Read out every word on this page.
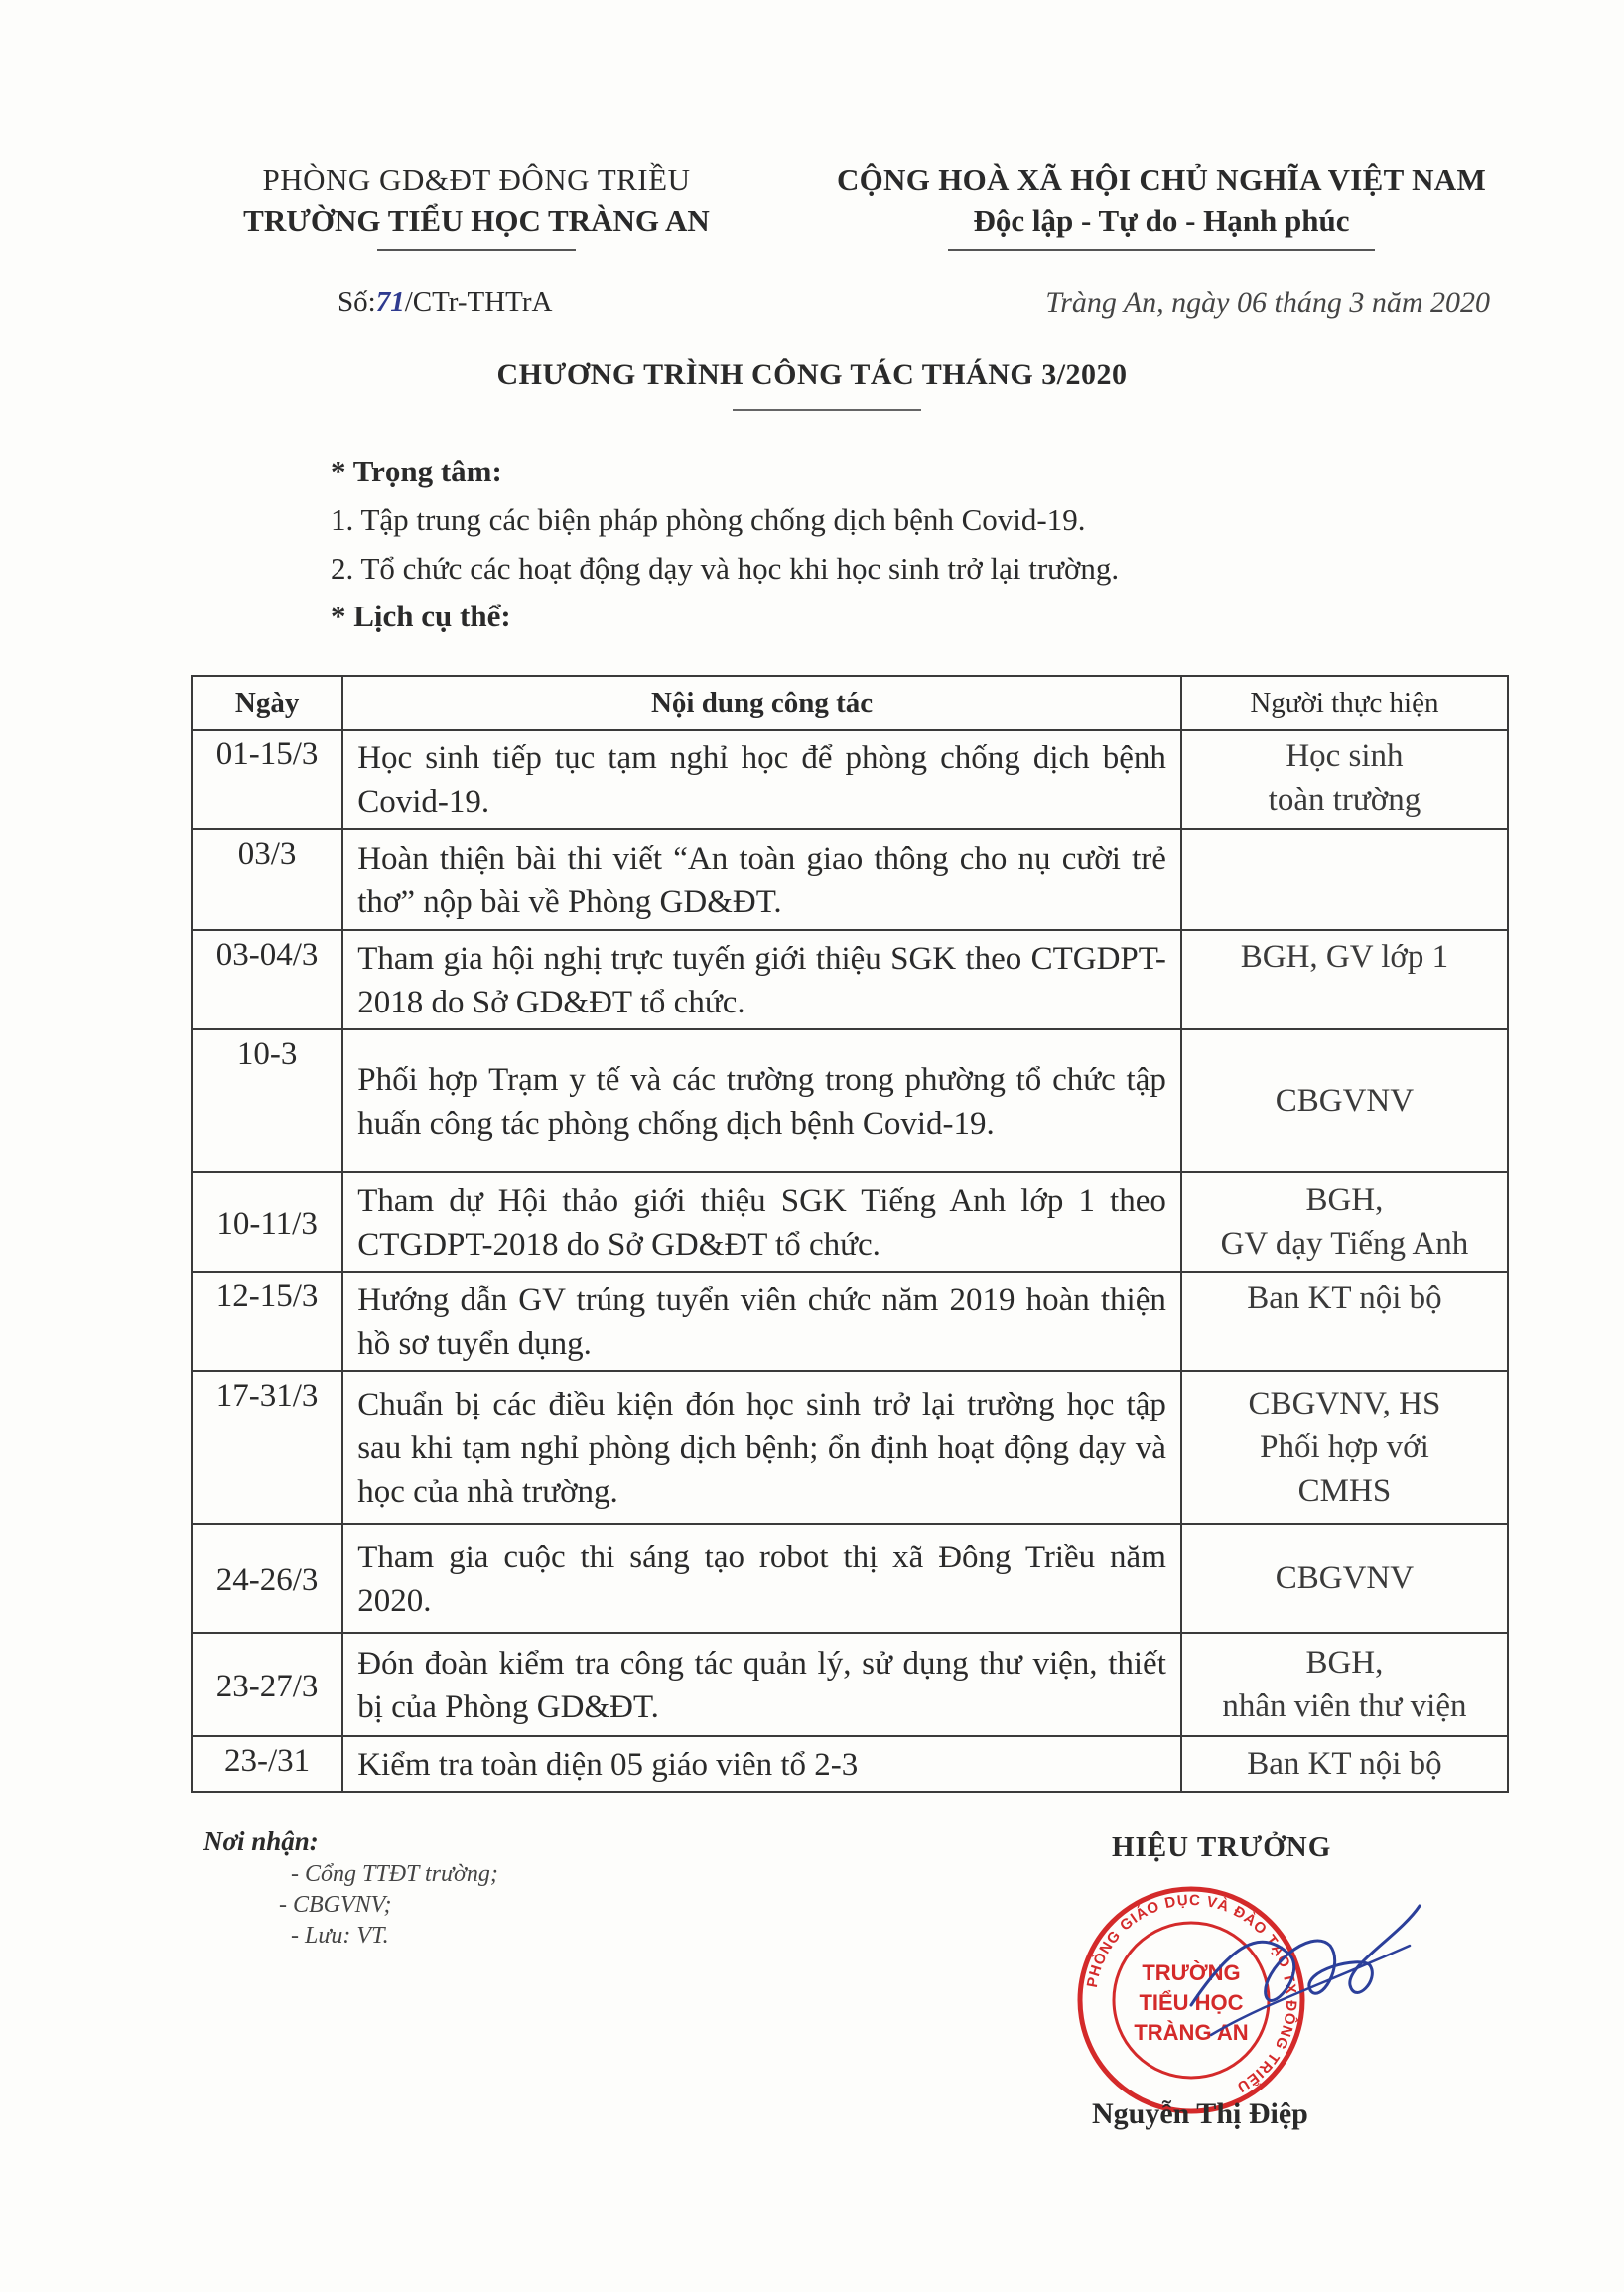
PHÒNG GD&ĐT ĐÔNG TRIỀU
TRƯỜNG TIỂU HỌC TRÀNG AN
CỘNG HOÀ XÃ HỘI CHỦ NGHĨA VIỆT NAM
Độc lập - Tự do - Hạnh phúc
Số:71/CTr-THTrA	Tràng An, ngày 06 tháng 3 năm 2020
CHƯƠNG TRÌNH CÔNG TÁC THÁNG 3/2020
* Trọng tâm:
1. Tập trung các biện pháp phòng chống dịch bệnh Covid-19.
2. Tổ chức các hoạt động dạy và học khi học sinh trở lại trường.
* Lịch cụ thể:
Ngày	Nội dung công tác	Người thực hiện
01-15/3	Học sinh tiếp tục tạm nghỉ học để phòng chống dịch bệnh Covid-19.	Học sinh
toàn trường

03/3	Hoàn thiện bài thi viết “An toàn giao thông cho nụ cười trẻ thơ” nộp bài về Phòng GD&ĐT.	
03-04/3	Tham gia hội nghị trực tuyến giới thiệu SGK theo CTGDPT-2018 do Sở GD&ĐT tổ chức.	BGH, GV lớp 1

10-3	Phối hợp Trạm y tế và các trường trong phường tổ chức tập huấn công tác phòng chống dịch bệnh Covid-19.	CBGVNV

10-11/3	Tham dự Hội thảo giới thiệu SGK Tiếng Anh lớp 1 theo CTGDPT-2018 do Sở GD&ĐT tổ chức.	BGH,
GV dạy Tiếng Anh

12-15/3	Hướng dẫn GV trúng tuyển viên chức năm 2019 hoàn thiện hồ sơ tuyển dụng.	Ban KT nội bộ

17-31/3	Chuẩn bị các điều kiện đón học sinh trở lại trường học tập sau khi tạm nghỉ phòng dịch bệnh; ổn định hoạt động dạy và học của nhà trường.	CBGVNV, HS
Phối hợp với
CMHS

24-26/3	Tham gia cuộc thi sáng tạo robot thị xã Đông Triều năm 2020.	CBGVNV

23-27/3	Đón đoàn kiểm tra công tác quản lý, sử dụng thư viện, thiết bị của Phòng GD&ĐT.	BGH,
nhân viên thư viện

23-/31	Kiểm tra toàn diện 05 giáo viên tổ 2-3	Ban KT nội bộ
Nơi nhận:
- Cổng TTĐT trường;
- CBGVNV;
- Lưu: VT.
HIỆU TRƯỞNG
PHÒNG GIÁO DỤC VÀ ĐÀO TẠO TX ĐÔNG TRIỀU
TRƯỜNG
TIỂU HỌC
TRÀNG AN
Nguyễn Thị Điệp
